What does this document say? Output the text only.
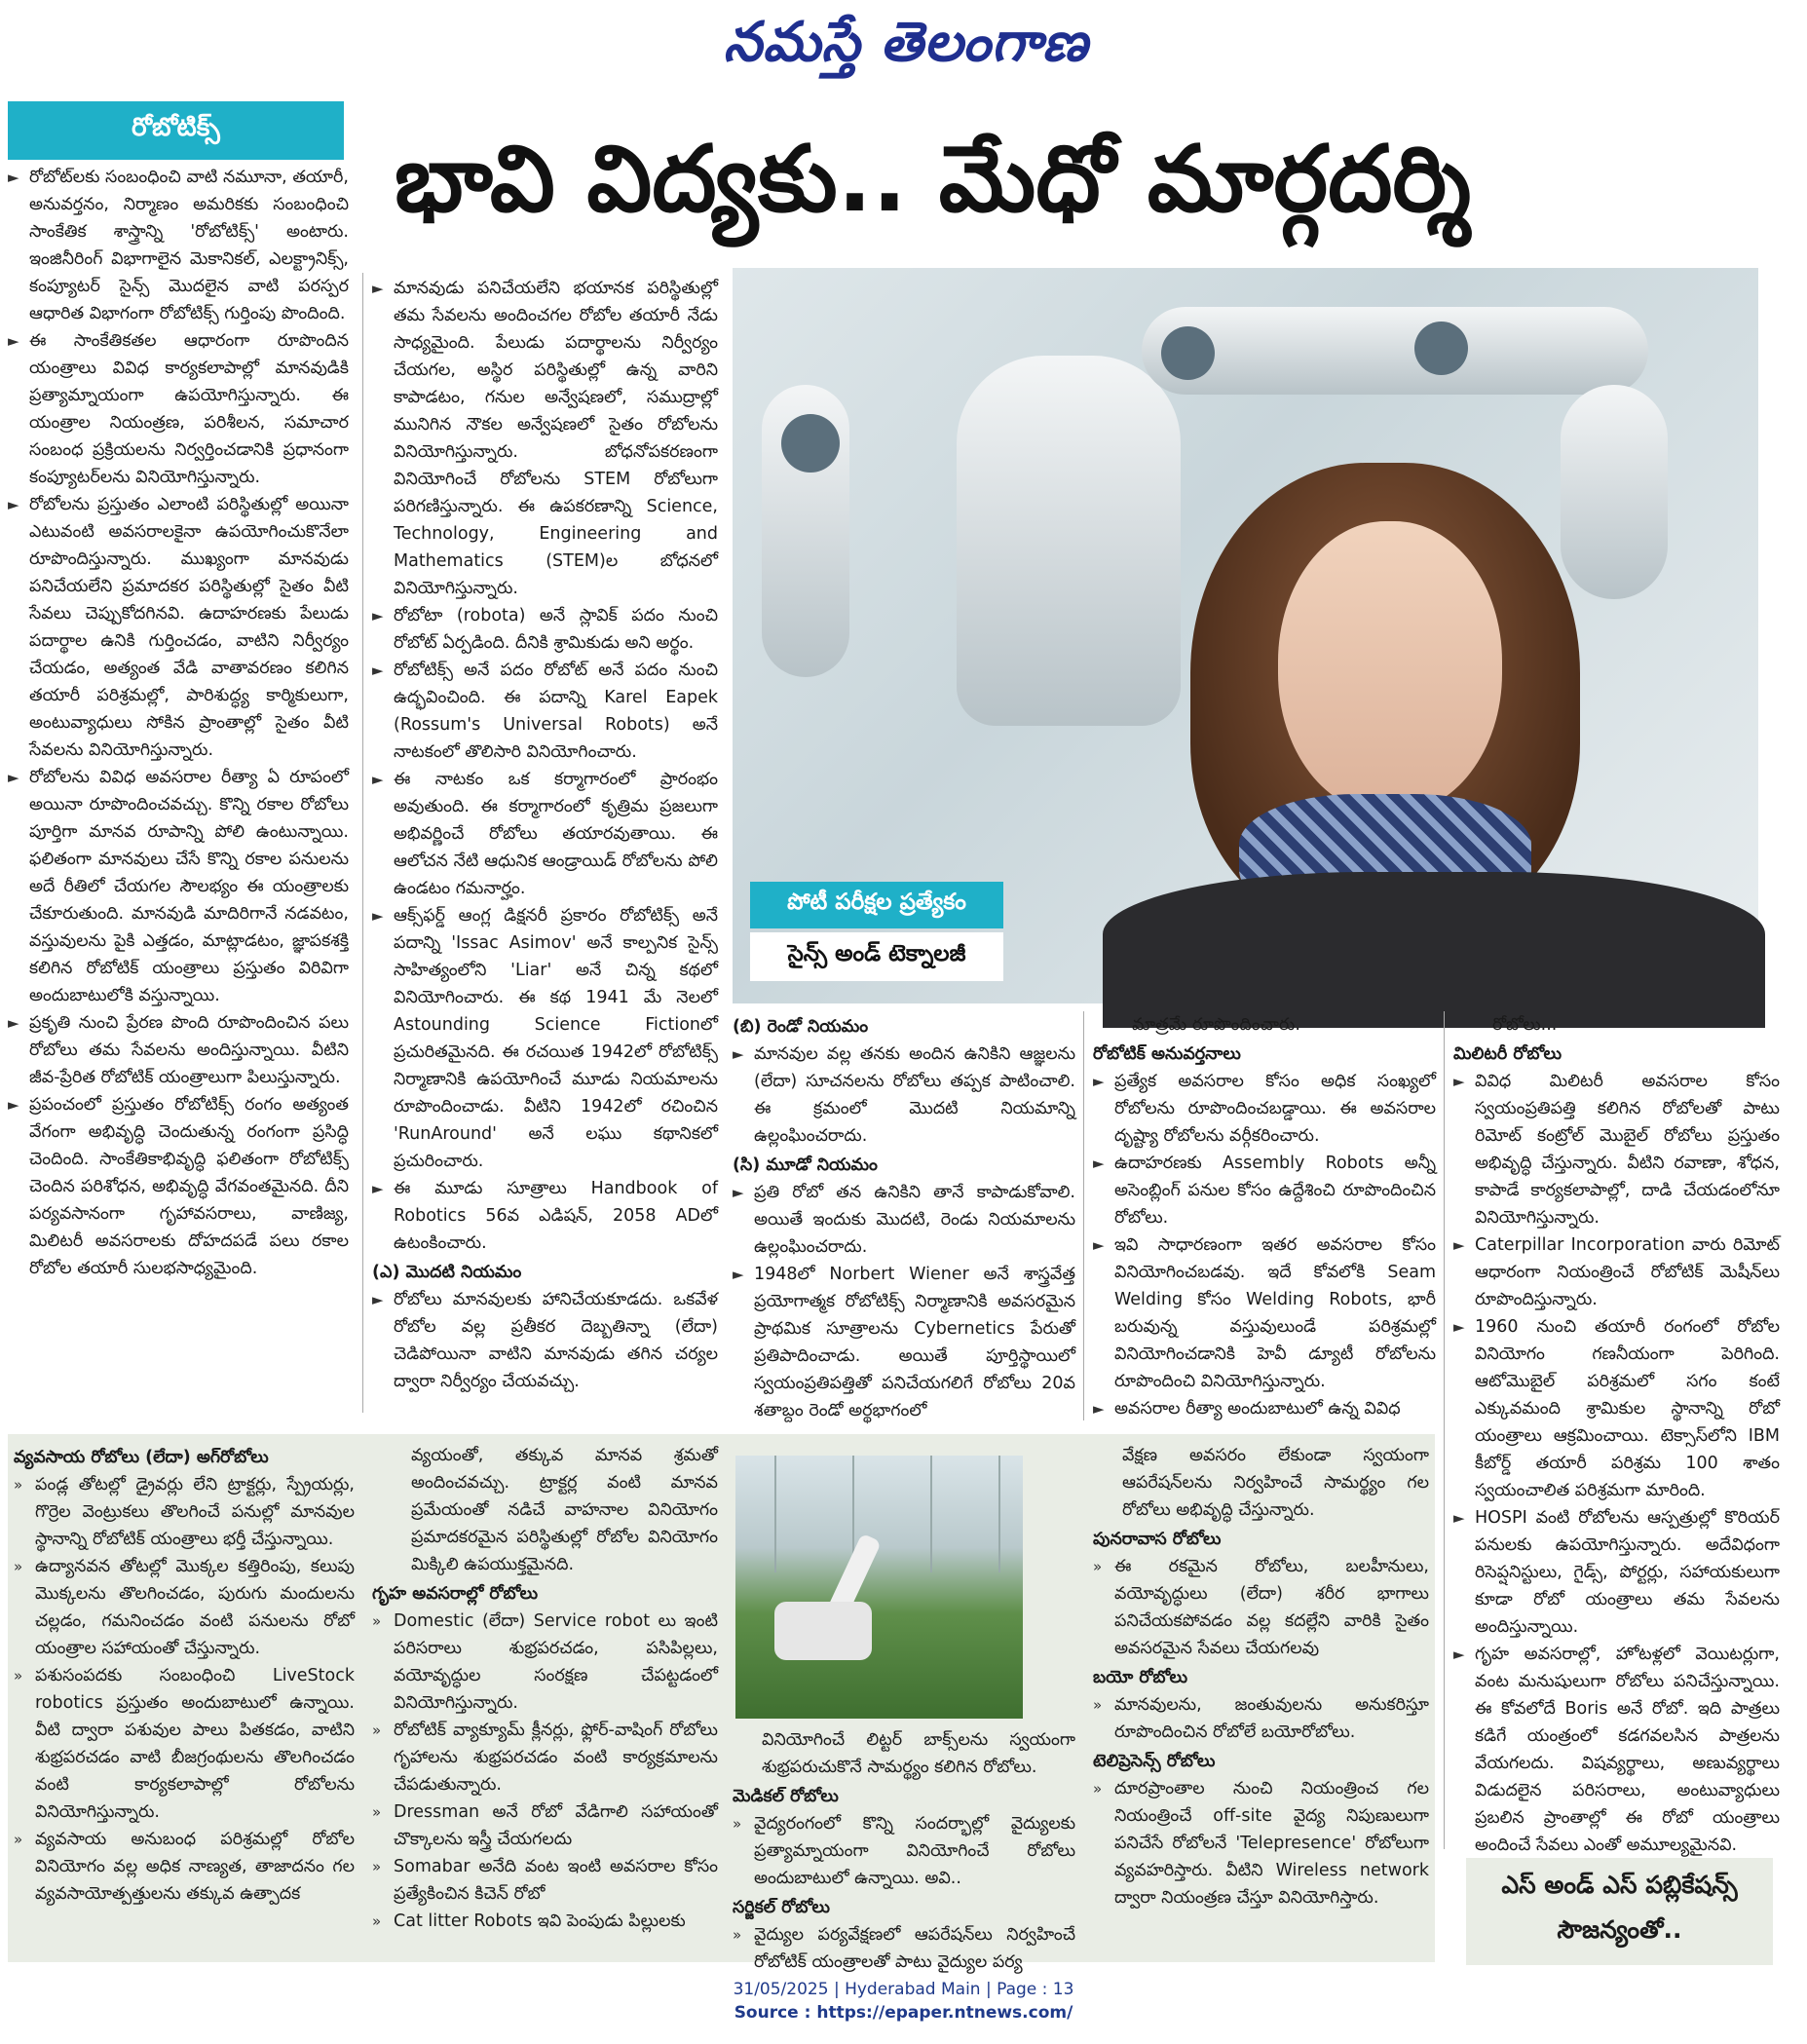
నమస్తే తెలంగాణ
రోబోటిక్స్	భావి విద్యకు.. మేధో మార్గదర్శి

► రోబోట్‌లకు సంబంధించి వాటి నమూనా, తయారీ, అనువర్తనం, నిర్మాణం అమరికకు సంబంధించి సాంకేతిక శాస్త్రాన్ని 'రోబోటిక్స్' అంటారు. ఇంజినీరింగ్ విభాగాలైన మెకానికల్, ఎలక్ట్రానిక్స్, కంప్యూటర్ సైన్స్ మొదలైన వాటి పరస్పర ఆధారిత విభాగంగా రోబోటిక్స్ గుర్తింపు పొందింది.

► ఈ సాంకేతికతల ఆధారంగా రూపొందిన యంత్రాలు వివిధ కార్యకలాపాల్లో మానవుడికి ప్రత్యామ్నాయంగా ఉపయోగిస్తున్నారు. ఈ యంత్రాల నియంత్రణ, పరిశీలన, సమాచార సంబంధ ప్రక్రియలను నిర్వర్తించడానికి ప్రధానంగా కంప్యూటర్‌లను వినియోగిస్తున్నారు.

► రోబోలను ప్రస్తుతం ఎలాంటి పరిస్థితుల్లో అయినా ఎటువంటి అవసరాలకైనా ఉపయోగించుకొనేలా రూపొందిస్తున్నారు. ముఖ్యంగా మానవుడు పనిచేయలేని ప్రమాదకర పరిస్థితుల్లో సైతం వీటి సేవలు చెప్పుకోదగినవి. ఉదాహరణకు పేలుడు పదార్థాల ఉనికి గుర్తించడం, వాటిని నిర్వీర్యం చేయడం, అత్యంత వేడి వాతావరణం కలిగిన తయారీ పరిశ్రమల్లో, పారిశుద్ధ్య కార్మికులుగా, అంటువ్యాధులు సోకిన ప్రాంతాల్లో సైతం వీటి సేవలను వినియోగిస్తున్నారు.

► రోబోలను వివిధ అవసరాల రీత్యా ఏ రూపంలో అయినా రూపొందించవచ్చు. కొన్ని రకాల రోబోలు పూర్తిగా మానవ రూపాన్ని పోలి ఉంటున్నాయి. ఫలితంగా మానవులు చేసే కొన్ని రకాల పనులను అదే రీతిలో చేయగల సౌలభ్యం ఈ యంత్రాలకు చేకూరుతుంది. మానవుడి మాదిరిగానే నడవటం, వస్తువులను పైకి ఎత్తడం, మాట్లాడటం, జ్ఞాపకశక్తి కలిగిన రోబోటిక్ యంత్రాలు ప్రస్తుతం విరివిగా అందుబాటులోకి వస్తున్నాయి.

► ప్రకృతి నుంచి ప్రేరణ పొంది రూపొందించిన పలు రోబోలు తమ సేవలను అందిస్తున్నాయి. వీటిని జీవ-ప్రేరిత రోబోటిక్ యంత్రాలుగా పిలుస్తున్నారు.

► ప్రపంచంలో ప్రస్తుతం రోబోటిక్స్ రంగం అత్యంత వేగంగా అభివృద్ధి చెందుతున్న రంగంగా ప్రసిద్ధి చెందింది. సాంకేతికాభివృద్ధి ఫలితంగా రోబోటిక్స్ చెందిన పరిశోధన, అభివృద్ధి వేగవంతమైనది. దీని పర్యవసానంగా గృహావసరాలు, వాణిజ్య, మిలిటరీ అవసరాలకు దోహదపడే పలు రకాల రోబోల తయారీ సులభసాధ్యమైంది.

► మానవుడు పనిచేయలేని భయానక పరిస్థితుల్లో తమ సేవలను అందించగల రోబోల తయారీ నేడు సాధ్యమైంది. పేలుడు పదార్థాలను నిర్వీర్యం చేయగల, అస్థిర పరిస్థితుల్లో ఉన్న వారిని కాపాడటం, గనుల అన్వేషణలో, సముద్రాల్లో మునిగిన నౌకల అన్వేషణలో సైతం రోబోలను వినియోగిస్తున్నారు. బోధనోపకరణంగా వినియోగించే రోబోలను STEM రోబోలుగా పరిగణిస్తున్నారు. ఈ ఉపకరణాన్ని Science, Technology, Engineering and Mathematics (STEM)ల బోధనలో వినియోగిస్తున్నారు.

► రోబోటా (robota) అనే స్లావిక్ పదం నుంచి రోబోట్ ఏర్పడింది. దీనికి శ్రామికుడు అని అర్థం.

► రోబోటిక్స్ అనే పదం రోబోట్ అనే పదం నుంచి ఉద్భవించింది. ఈ పదాన్ని Karel Eapek (Rossum's Universal Robots) అనే నాటకంలో తొలిసారి వినియోగించారు.

► ఈ నాటకం ఒక కర్మాగారంలో ప్రారంభం అవుతుంది. ఈ కర్మాగారంలో కృత్రిమ ప్రజలుగా అభివర్ణించే రోబోలు తయారవుతాయి. ఈ ఆలోచన నేటి ఆధునిక ఆండ్రాయిడ్ రోబోలను పోలి ఉండటం గమనార్హం.

► ఆక్స్‌ఫర్డ్ ఆంగ్ల డిక్షనరీ ప్రకారం రోబోటిక్స్ అనే పదాన్ని 'Issac Asimov' అనే కాల్పనిక సైన్స్ సాహిత్యంలోని 'Liar' అనే చిన్న కథలో వినియోగించారు. ఈ కథ 1941 మే నెలలో Astounding Science Fictionలో ప్రచురితమైనది. ఈ రచయిత 1942లో రోబోటిక్స్ నిర్మాణానికి ఉపయోగించే మూడు నియమాలను రూపొందించాడు. వీటిని 1942లో రచించిన 'RunAround' అనే లఘు కథానికలో ప్రచురించారు.

► ఈ మూడు సూత్రాలు Handbook of Robotics 56వ ఎడిషన్, 2058 ADలో ఉటంకించారు.

(ఎ) మొదటి నియమం

► రోబోలు మానవులకు హానిచేయకూడదు. ఒకవేళ రోబోల వల్ల ప్రతీకర దెబ్బతిన్నా (లేదా) చెడిపోయినా వాటిని మానవుడు తగిన చర్యల ద్వారా నిర్వీర్యం చేయవచ్చు.

పోటీ పరీక్షల ప్రత్యేకం
సైన్స్ అండ్ టెక్నాలజీ
(బి) రెండో నియమం

► మానవుల వల్ల తనకు అందిన ఉనికిని ఆజ్ఞలను (లేదా) సూచనలను రోబోలు తప్పక పాటించాలి. ఈ క్రమంలో మొదటి నియమాన్ని ఉల్లంఘించరాదు.

(సి) మూడో నియమం

► ప్రతి రోబో తన ఉనికిని తానే కాపాడుకోవాలి. అయితే ఇందుకు మొదటి, రెండు నియమాలను ఉల్లంఘించరాదు.

► 1948లో Norbert Wiener అనే శాస్త్రవేత్త ప్రయోగాత్మక రోబోటిక్స్ నిర్మాణానికి అవసరమైన ప్రాథమిక సూత్రాలను Cybernetics పేరుతో ప్రతిపాదించాడు. అయితే పూర్తిస్థాయిలో స్వయంప్రతిపత్తితో పనిచేయగలిగే రోబోలు 20వ శతాబ్దం రెండో అర్థభాగంలో

మాత్రమే రూపొందించారు.
రోబోటిక్ అనువర్తనాలు

► ప్రత్యేక అవసరాల కోసం అధిక సంఖ్యలో రోబోలను రూపొందించబడ్డాయి. ఈ అవసరాల దృష్ట్యా రోబోలను వర్గీకరించారు.

► ఉదాహరణకు Assembly Robots అన్నీ అసెంబ్లింగ్ పనుల కోసం ఉద్దేశించి రూపొందించిన రోబోలు.

► ఇవి సాధారణంగా ఇతర అవసరాల కోసం వినియోగించబడవు. ఇదే కోవలోకి Seam Welding కోసం Welding Robots, భారీ బరువున్న వస్తువులుండే పరిశ్రమల్లో వినియోగించడానికి హెవీ డ్యూటీ రోబోలను రూపొందించి వినియోగిస్తున్నారు.

► అవసరాల రీత్యా అందుబాటులో ఉన్న వివిధ

రోబోలు...
మిలిటరీ రోబోలు

► వివిధ మిలిటరీ అవసరాల కోసం స్వయంప్రతిపత్తి కలిగిన రోబోలతో పాటు రిమోట్ కంట్రోల్ మొబైల్ రోబోలు ప్రస్తుతం అభివృద్ధి చేస్తున్నారు. వీటిని రవాణా, శోధన, కాపాడే కార్యకలాపాల్లో, దాడి చేయడంలోనూ వినియోగిస్తున్నారు.

► Caterpillar Incorporation వారు రిమోట్ ఆధారంగా నియంత్రించే రోబోటిక్ మెషీన్‌లు రూపొందిస్తున్నారు.

► 1960 నుంచి తయారీ రంగంలో రోబోల వినియోగం గణనీయంగా పెరిగింది. ఆటోమొబైల్ పరిశ్రమలో సగం కంటే ఎక్కువమంది శ్రామికుల స్థానాన్ని రోబో యంత్రాలు ఆక్రమించాయి. టెక్సాస్‌లోని IBM కీబోర్డ్ తయారీ పరిశ్రమ 100 శాతం స్వయంచాలిత పరిశ్రమగా మారింది.

► HOSPI వంటి రోబోలను ఆస్పత్రుల్లో కొరియర్ పనులకు ఉపయోగిస్తున్నారు. అదేవిధంగా రిసెప్షనిస్టులు, గైడ్స్, పోర్టర్లు, సహాయకులుగా కూడా రోబో యంత్రాలు తమ సేవలను అందిస్తున్నాయి.

► గృహ అవసరాల్లో, హోటళ్లలో వెయిటర్లుగా, వంట మనుషులుగా రోబోలు పనిచేస్తున్నాయి. ఈ కోవలోదే Boris అనే రోబో. ఇది పాత్రలు కడిగే యంత్రంలో కడగవలసిన పాత్రలను వేయగలదు. విషవ్యర్థాలు, అణువ్యర్థాలు విడుదలైన పరిసరాలు, అంటువ్యాధులు ప్రబలిన ప్రాంతాల్లో ఈ రోబో యంత్రాలు అందించే సేవలు ఎంతో అమూల్యమైనవి.

వ్యవసాయ రోబోలు (లేదా) అగ్‌రోబోలు

» పండ్ల తోటల్లో డ్రైవర్లు లేని ట్రాక్టర్లు, స్ప్రేయర్లు, గొర్రెల వెంట్రుకలు తొలగించే పనుల్లో మానవుల స్థానాన్ని రోబోటిక్ యంత్రాలు భర్తీ చేస్తున్నాయి.

» ఉద్యానవన తోటల్లో మొక్కల కత్తిరింపు, కలుపు మొక్కలను తొలగించడం, పురుగు మందులను చల్లడం, గమనించడం వంటి పనులను రోబో యంత్రాల సహాయంతో చేస్తున్నారు.

» పశుసంపదకు సంబంధించి LiveStock robotics ప్రస్తుతం అందుబాటులో ఉన్నాయి. వీటి ద్వారా పశువుల పాలు పితకడం, వాటిని శుభ్రపరచడం వాటి బీజగ్రంథులను తొలగించడం వంటి కార్యకలాపాల్లో రోబోలను వినియోగిస్తున్నారు.

» వ్యవసాయ అనుబంధ పరిశ్రమల్లో రోబోల వినియోగం వల్ల అధిక నాణ్యత, తాజాదనం గల వ్యవసాయోత్పత్తులను తక్కువ ఉత్పాదక

వ్యయంతో, తక్కువ మానవ శ్రమతో అందించవచ్చు. ట్రాక్టర్ల వంటి మానవ ప్రమేయంతో నడిచే వాహనాల వినియోగం ప్రమాదకరమైన పరిస్థితుల్లో రోబోల వినియోగం మిక్కిలి ఉపయుక్తమైనది.
గృహ అవసరాల్లో రోబోలు

» Domestic (లేదా) Service robot లు ఇంటి పరిసరాలు శుభ్రపరచడం, పసిపిల్లలు, వయోవృద్ధుల సంరక్షణ చేపట్టడంలో వినియోగిస్తున్నారు.

» రోబోటిక్ వ్యాక్యూమ్ క్లీనర్లు, ఫ్లోర్-వాషింగ్ రోబోలు గృహాలను శుభ్రపరచడం వంటి కార్యక్రమాలను చేపడుతున్నారు.

» Dressman అనే రోబో వేడిగాలి సహాయంతో చొక్కాలను ఇస్త్రీ చేయగలదు

» Somabar అనేది వంట ఇంటి అవసరాల కోసం ప్రత్యేకించిన కిచెన్ రోబో

» Cat litter Robots ఇవి పెంపుడు పిల్లులకు

వినియోగించే లిట్టర్ బాక్స్‌లను స్వయంగా శుభ్రపరుచుకొనే సామర్థ్యం కలిగిన రోబోలు.
మెడికల్ రోబోలు

» వైద్యరంగంలో కొన్ని సందర్భాల్లో వైద్యులకు ప్రత్యామ్నాయంగా వినియోగించే రోబోలు అందుబాటులో ఉన్నాయి. అవి..

సర్జికల్ రోబోలు

» వైద్యుల పర్యవేక్షణలో ఆపరేషన్‌లు నిర్వహించే రోబోటిక్ యంత్రాలతో పాటు వైద్యుల పర్య

వేక్షణ అవసరం లేకుండా స్వయంగా ఆపరేషన్‌లను నిర్వహించే సామర్థ్యం గల రోబోలు అభివృద్ధి చేస్తున్నారు.
పునరావాస రోబోలు

» ఈ రకమైన రోబోలు, బలహీనులు, వయోవృద్ధులు (లేదా) శరీర భాగాలు పనిచేయకపోవడం వల్ల కదల్లేని వారికి సైతం అవసరమైన సేవలు చేయగలవు

బయో రోబోలు

» మానవులను, జంతువులను అనుకరిస్తూ రూపొందించిన రోబోలే బయోరోబోలు.

టెలిప్రెసెన్స్ రోబోలు

» దూరప్రాంతాల నుంచి నియంత్రించ గల నియంత్రించే off-site వైద్య నిపుణులుగా పనిచేసే రోబోలనే 'Telepresence' రోబోలుగా వ్యవహరిస్తారు. వీటిని Wireless network ద్వారా నియంత్రణ చేస్తూ వినియోగిస్తారు.	ఎస్ అండ్ ఎస్ పబ్లికేషన్స్
సౌజన్యంతో..
31/05/2025 | Hyderabad Main | Page : 13
Source : https://epaper.ntnews.com/
